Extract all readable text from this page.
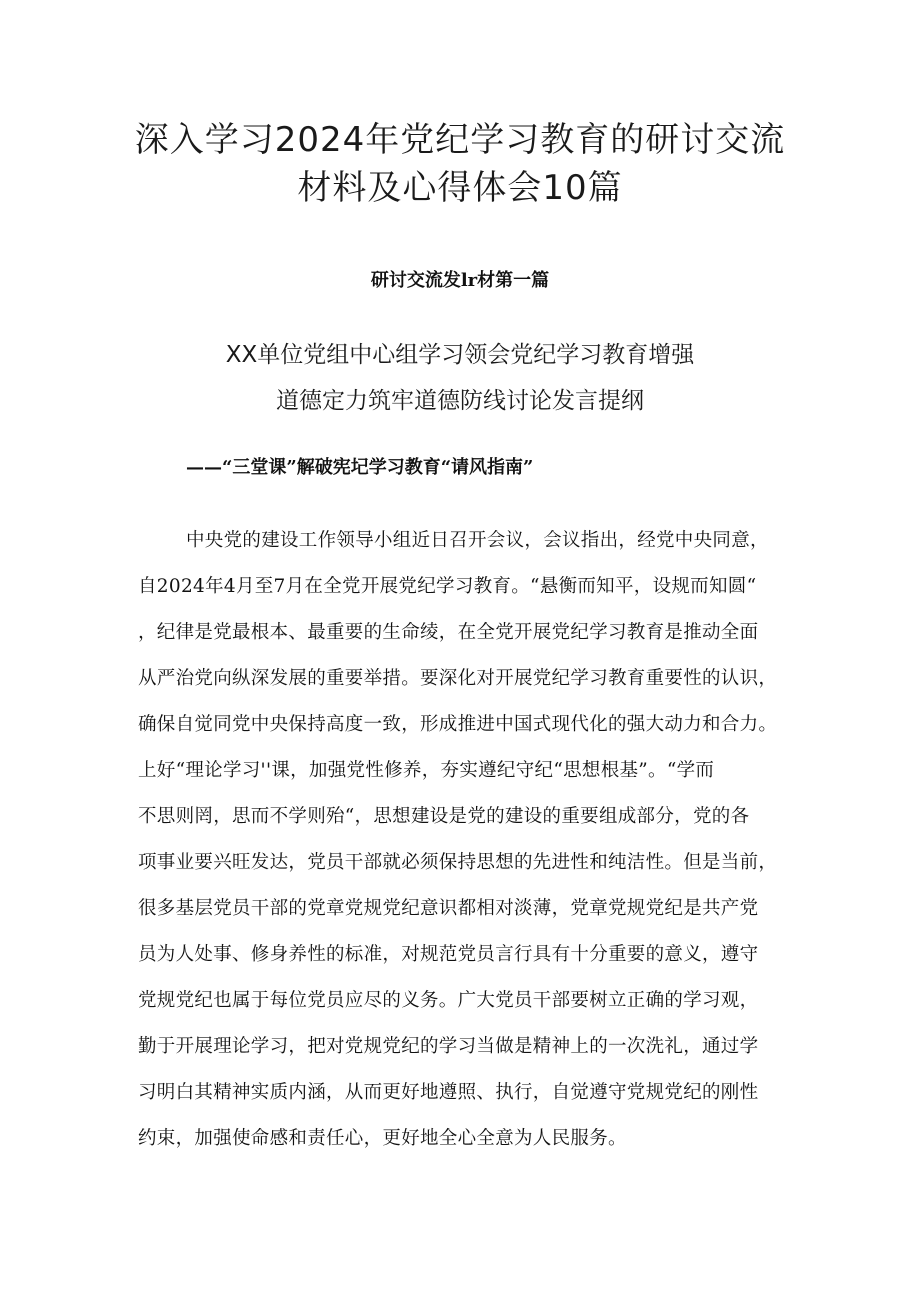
深入学习2024年党纪学习教育的研讨交流
材料及心得体会10篇
研讨交流发lr材第一篇
XX单位党组中心组学习领会党纪学习教育增强
道德定力筑牢道德防线讨论发言提纲
——“三堂课”解破宪圮学习教育“请风指南”
中央党的建设工作领导小组近日召开会议，会议指出，经党中央同意，
自2024年4月至7月在全党开展党纪学习教育。“悬衡而知平，设规而知圆“
，纪律是党最根本、最重要的生命绫，在全党开展党纪学习教育是推动全面
从严治党向纵深发展的重要举措。要深化对开展党纪学习教育重要性的认识，
确保自觉同党中央保持高度一致，形成推进中国式现代化的强大动力和合力。
上好“理论学习''课，加强党性修养，夯实遵纪守纪“思想根基”。“学而
不思则罔，思而不学则殆“，思想建设是党的建设的重要组成部分，党的各
项事业要兴旺发达，党员干部就必须保持思想的先进性和纯洁性。但是当前，
很多基层党员干部的党章党规党纪意识都相对淡薄，党章党规党纪是共产党
员为人处事、修身养性的标准，对规范党员言行具有十分重要的意义，遵守
党规党纪也属于每位党员应尽的义务。广大党员干部要树立正确的学习观，
勤于开展理论学习，把对党规党纪的学习当做是精神上的一次洗礼，通过学
习明白其精神实质内涵，从而更好地遵照、执行，自觉遵守党规党纪的刚性
约束，加强使命感和责任心，更好地全心全意为人民服务。
